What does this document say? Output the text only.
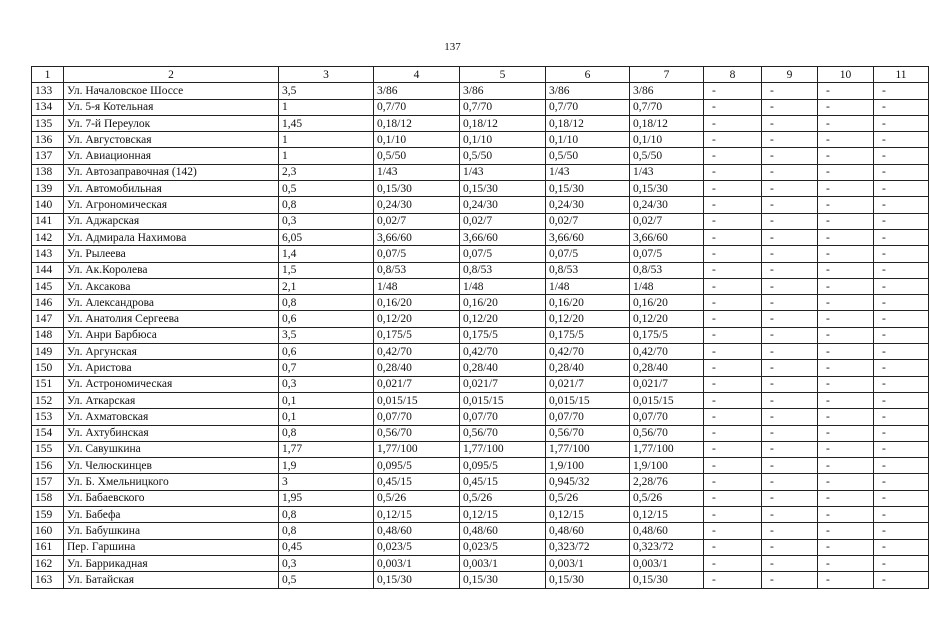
137
1	2	3	4	5	6	7	8	9	10	11
133	Ул. Началовское Шоссе	3,5	3/86	3/86	3/86	3/86	-	-	-	-
134	Ул. 5-я Котельная	1	0,7/70	0,7/70	0,7/70	0,7/70	-	-	-	-
135	Ул. 7-й Переулок	1,45	0,18/12	0,18/12	0,18/12	0,18/12	-	-	-	-
136	Ул. Августовская	1	0,1/10	0,1/10	0,1/10	0,1/10	-	-	-	-
137	Ул. Авиационная	1	0,5/50	0,5/50	0,5/50	0,5/50	-	-	-	-
138	Ул. Автозаправочная (142)	2,3	1/43	1/43	1/43	1/43	-	-	-	-
139	Ул. Автомобильная	0,5	0,15/30	0,15/30	0,15/30	0,15/30	-	-	-	-
140	Ул. Агрономическая	0,8	0,24/30	0,24/30	0,24/30	0,24/30	-	-	-	-
141	Ул. Аджарская	0,3	0,02/7	0,02/7	0,02/7	0,02/7	-	-	-	-
142	Ул. Адмирала Нахимова	6,05	3,66/60	3,66/60	3,66/60	3,66/60	-	-	-	-
143	Ул. Рылеева	1,4	0,07/5	0,07/5	0,07/5	0,07/5	-	-	-	-
144	Ул. Ак.Королева	1,5	0,8/53	0,8/53	0,8/53	0,8/53	-	-	-	-
145	Ул. Аксакова	2,1	1/48	1/48	1/48	1/48	-	-	-	-
146	Ул. Александрова	0,8	0,16/20	0,16/20	0,16/20	0,16/20	-	-	-	-
147	Ул. Анатолия Сергеева	0,6	0,12/20	0,12/20	0,12/20	0,12/20	-	-	-	-
148	Ул. Анри Барбюса	3,5	0,175/5	0,175/5	0,175/5	0,175/5	-	-	-	-
149	Ул. Аргунская	0,6	0,42/70	0,42/70	0,42/70	0,42/70	-	-	-	-
150	Ул. Аристова	0,7	0,28/40	0,28/40	0,28/40	0,28/40	-	-	-	-
151	Ул. Астрономическая	0,3	0,021/7	0,021/7	0,021/7	0,021/7	-	-	-	-
152	Ул. Аткарская	0,1	0,015/15	0,015/15	0,015/15	0,015/15	-	-	-	-
153	Ул. Ахматовская	0,1	0,07/70	0,07/70	0,07/70	0,07/70	-	-	-	-
154	Ул. Ахтубинская	0,8	0,56/70	0,56/70	0,56/70	0,56/70	-	-	-	-
155	Ул. Савушкина	1,77	1,77/100	1,77/100	1,77/100	1,77/100	-	-	-	-
156	Ул. Челюскинцев	1,9	0,095/5	0,095/5	1,9/100	1,9/100	-	-	-	-
157	Ул. Б. Хмельницкого	3	0,45/15	0,45/15	0,945/32	2,28/76	-	-	-	-
158	Ул. Бабаевского	1,95	0,5/26	0,5/26	0,5/26	0,5/26	-	-	-	-
159	Ул. Бабефа	0,8	0,12/15	0,12/15	0,12/15	0,12/15	-	-	-	-
160	Ул. Бабушкина	0,8	0,48/60	0,48/60	0,48/60	0,48/60	-	-	-	-
161	Пер. Гаршина	0,45	0,023/5	0,023/5	0,323/72	0,323/72	-	-	-	-
162	Ул. Баррикадная	0,3	0,003/1	0,003/1	0,003/1	0,003/1	-	-	-	-
163	Ул. Батайская	0,5	0,15/30	0,15/30	0,15/30	0,15/30	-	-	-	-
